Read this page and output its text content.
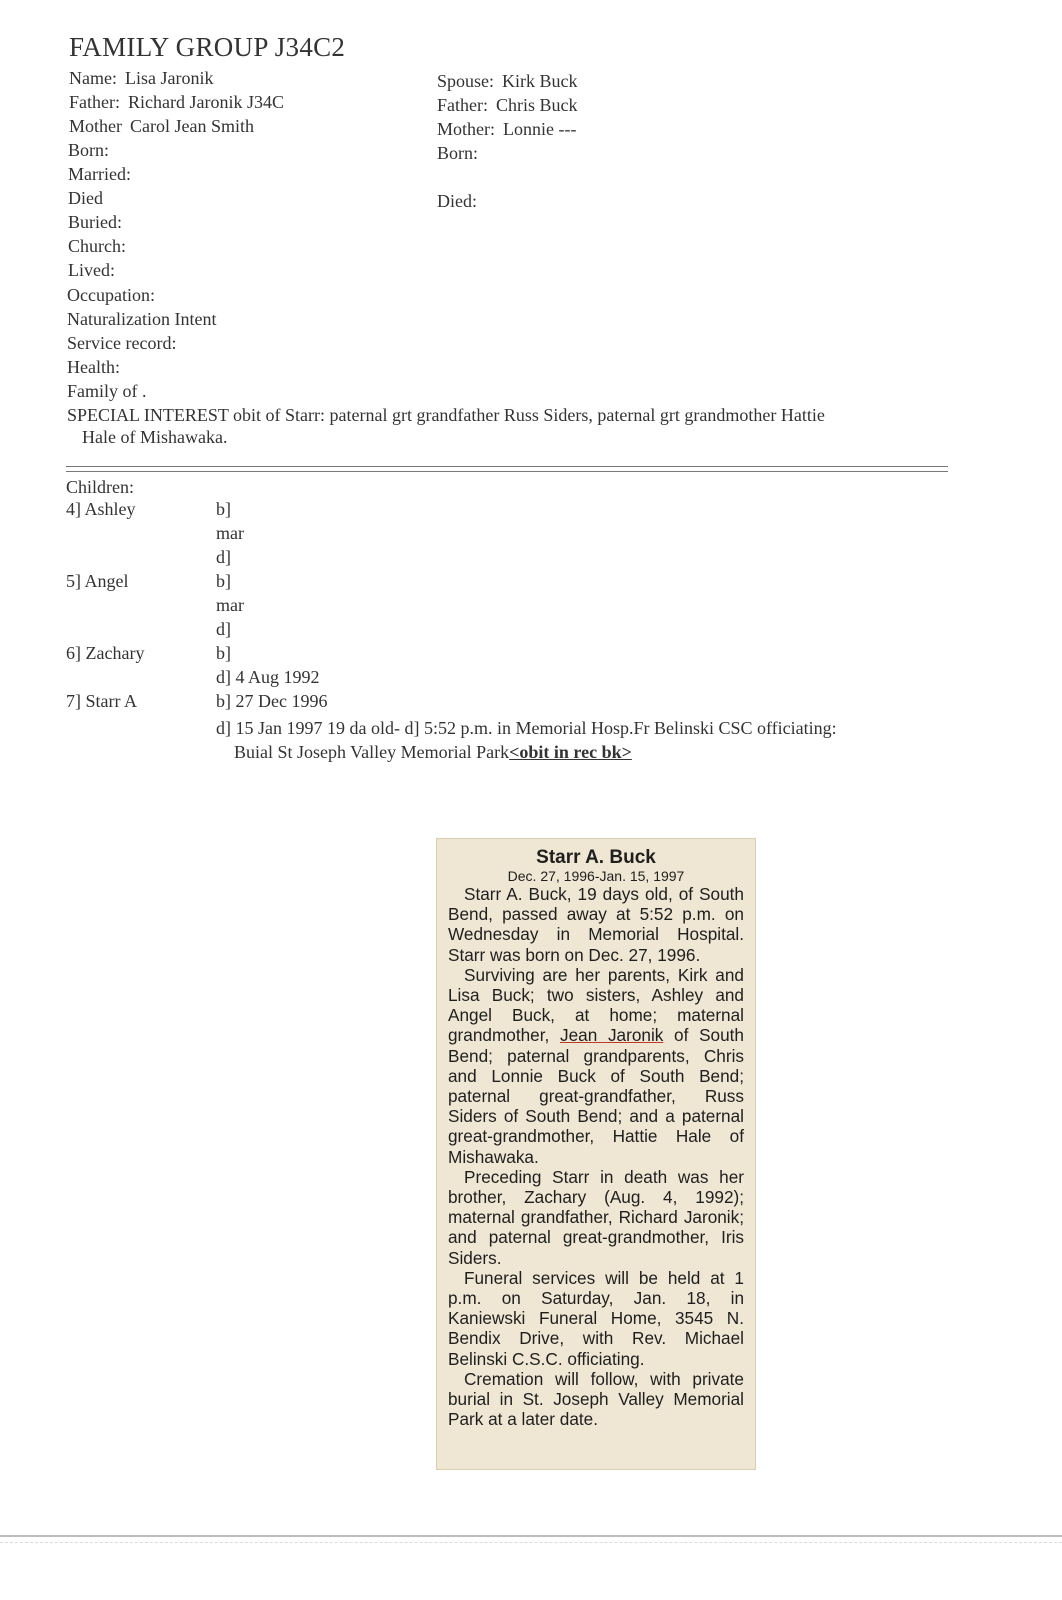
FAMILY GROUP J34C2
Name: Lisa Jaronik
Father: Richard Jaronik J34C
Mother Carol Jean Smith
Born:
Married:
Died
Buried:
Church:
Lived:
Occupation:
Naturalization Intent
Service record:
Health:
Family of .
Spouse: Kirk Buck
Father: Chris Buck
Mother: Lonnie ---
Born:
Died:
SPECIAL INTEREST obit of Starr: paternal grt grandfather Russ Siders, paternal grt grandmother Hattie
Hale of Mishawaka.
Children:
4] Ashley	b]
mar
d]
5] Angel	b]
mar
d]
6] Zachary	b]
d] 4 Aug 1992
7] Starr A	b] 27 Dec 1996
d] 15 Jan 1997 19 da old- d] 5:52 p.m. in Memorial Hosp.Fr Belinski CSC officiating:
Buial St Joseph Valley Memorial Park<obit in rec bk>
Starr A. Buck
Dec. 27, 1996-Jan. 15, 1997

Starr A. Buck, 19 days old, of South Bend, passed away at 5:52 p.m. on Wednesday in Memorial Hospital. Starr was born on Dec. 27, 1996.

Surviving are her parents, Kirk and Lisa Buck; two sisters, Ashley and Angel Buck, at home; maternal grandmother, Jean Jaronik of South Bend; paternal grandparents, Chris and Lonnie Buck of South Bend; paternal great-grandfather, Russ Siders of South Bend; and a paternal great-grandmother, Hattie Hale of Mishawaka.

Preceding Starr in death was her brother, Zachary (Aug. 4, 1992); maternal grandfather, Richard Jaronik; and paternal great-grandmother, Iris Siders.

Funeral services will be held at 1 p.m. on Saturday, Jan. 18, in Kaniewski Funeral Home, 3545 N. Bendix Drive, with Rev. Michael Belinski C.S.C. officiating.

Cremation will follow, with private burial in St. Joseph Valley Memorial Park at a later date.
